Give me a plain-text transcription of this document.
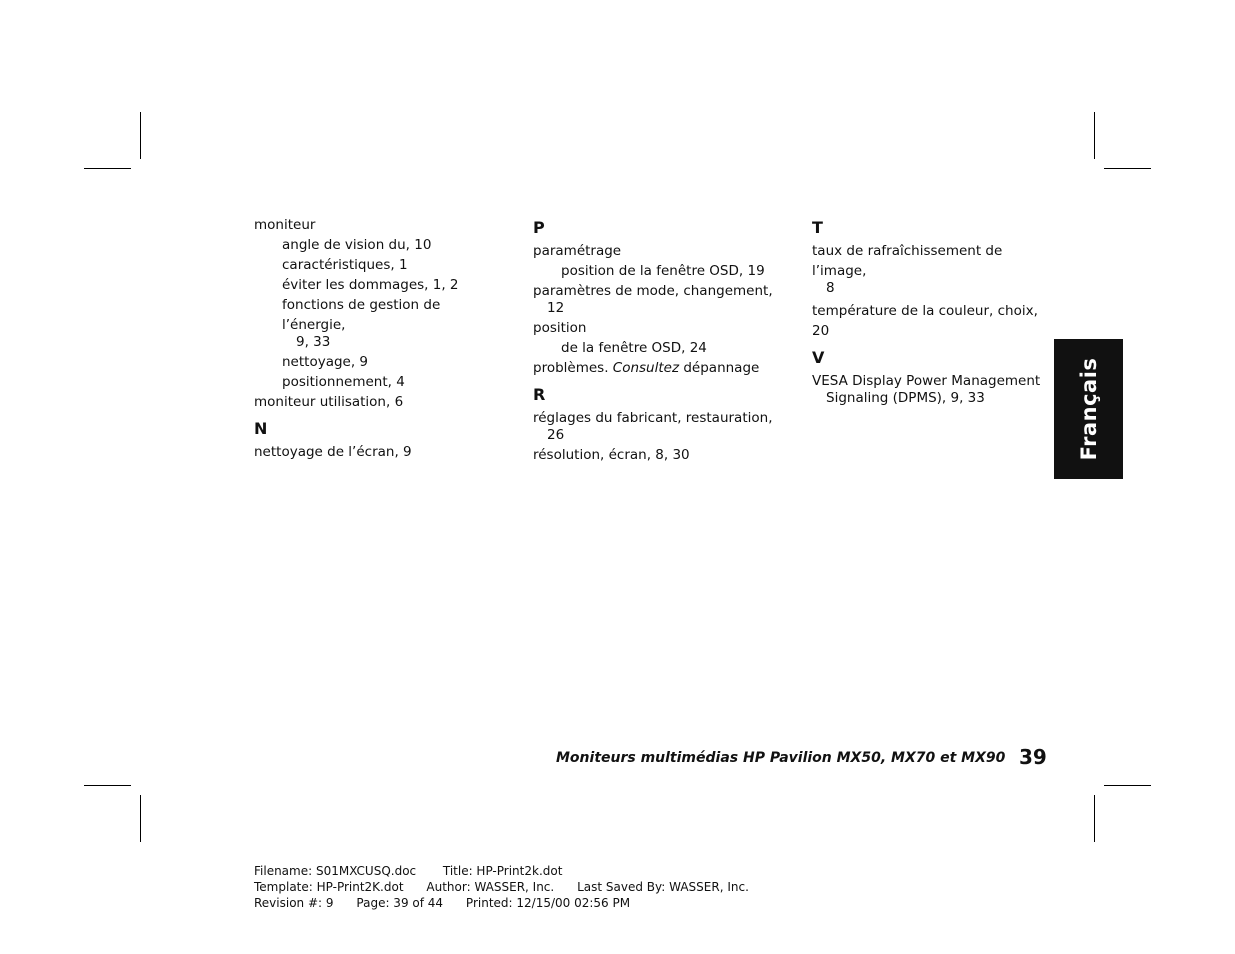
moniteur
angle de vision du, 10
caractéristiques, 1
éviter les dommages, 1, 2
fonctions de gestion de l’énergie,
9, 33
nettoyage, 9
positionnement, 4
moniteur utilisation, 6
N
nettoyage de l’écran, 9
P
paramétrage
position de la fenêtre OSD, 19
paramètres de mode, changement,
12
position
de la fenêtre OSD, 24
problèmes. Consultez dépannage
R
réglages du fabricant, restauration,
26
résolution, écran, 8, 30
T
taux de rafraîchissement de l’image,
8
température de la couleur, choix, 20
V
VESA Display Power Management
Signaling (DPMS), 9, 33	Français
Moniteurs multimédias HP Pavilion MX50, MX70 et MX90 39
Filename: S01MXCUSQ.doc       Title: HP-Print2k.dot
Template: HP-Print2K.dot      Author: WASSER, Inc.      Last Saved By: WASSER, Inc.
Revision #: 9      Page: 39 of 44      Printed: 12/15/00 02:56 PM
